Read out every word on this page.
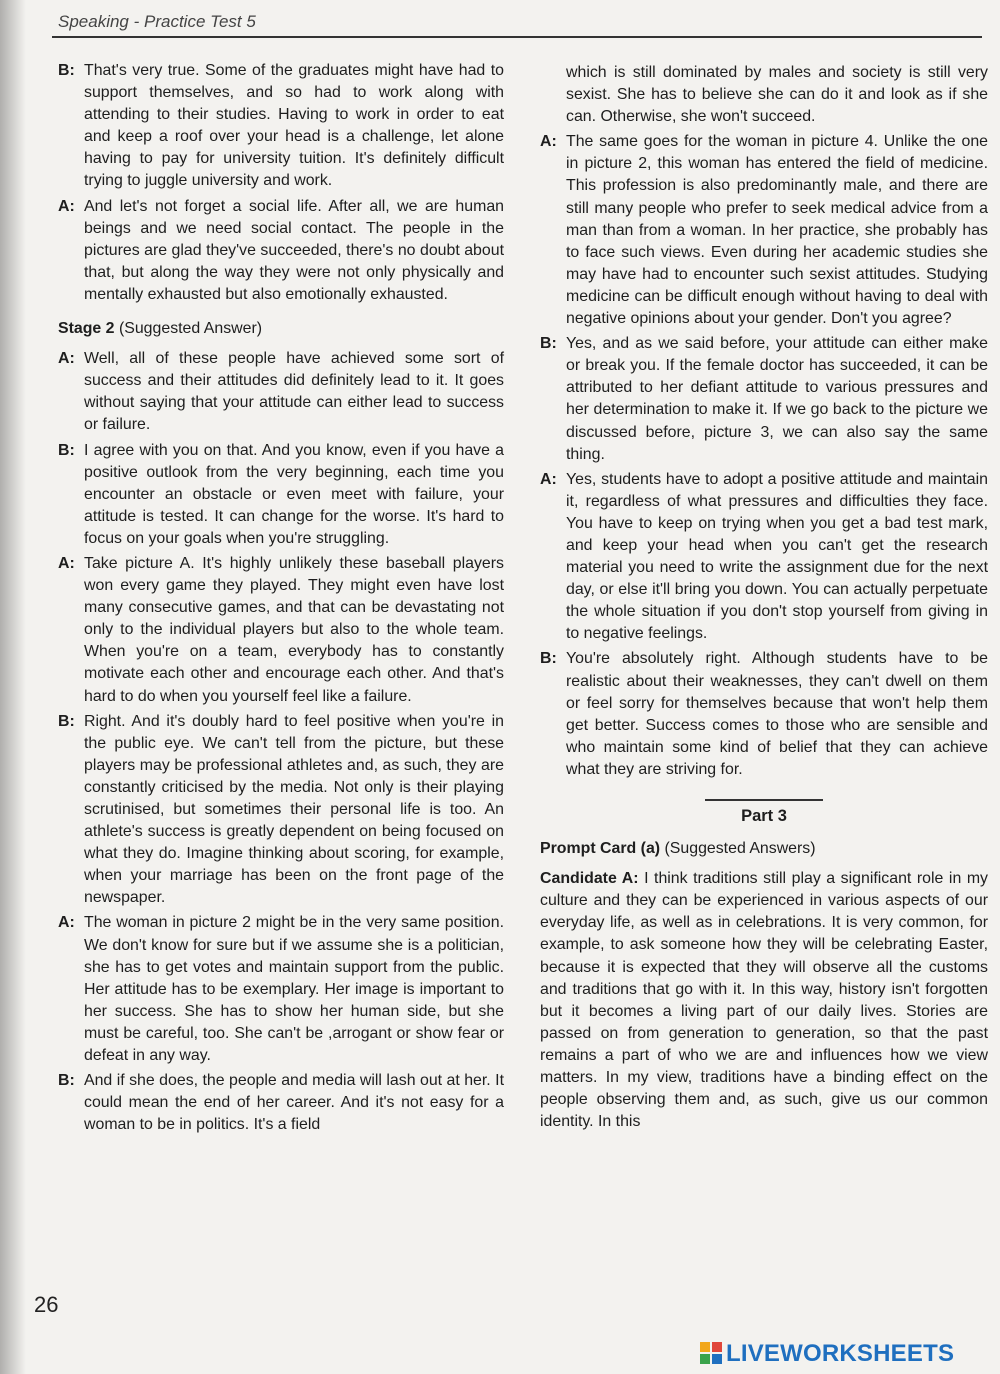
Speaking - Practice Test 5

B: That's very true. Some of the graduates might have had to support themselves, and so had to work along with attending to their studies. Having to work in order to eat and keep a roof over your head is a challenge, let alone having to pay for university tuition. It's definitely difficult trying to juggle university and work.

A: And let's not forget a social life. After all, we are human beings and we need social contact. The people in the pictures are glad they've succeeded, there's no doubt about that, but along the way they were not only physically and mentally exhausted but also emotionally exhausted.

Stage 2 (Suggested Answer)

A: Well, all of these people have achieved some sort of success and their attitudes did definitely lead to it. It goes without saying that your attitude can either lead to success or failure.

B: I agree with you on that. And you know, even if you have a positive outlook from the very beginning, each time you encounter an obstacle or even meet with failure, your attitude is tested. It can change for the worse. It's hard to focus on your goals when you're struggling.

A: Take picture A. It's highly unlikely these baseball players won every game they played. They might even have lost many consecutive games, and that can be devastating not only to the individual players but also to the whole team. When you're on a team, everybody has to constantly motivate each other and encourage each other. And that's hard to do when you yourself feel like a failure.

B: Right. And it's doubly hard to feel positive when you're in the public eye. We can't tell from the picture, but these players may be professional athletes and, as such, they are constantly criticised by the media. Not only is their playing scrutinised, but sometimes their personal life is too. An athlete's success is greatly dependent on being focused on what they do. Imagine thinking about scoring, for example, when your marriage has been on the front page of the newspaper.

A: The woman in picture 2 might be in the very same position. We don't know for sure but if we assume she is a politician, she has to get votes and maintain support from the public. Her attitude has to be exemplary. Her image is important to her success. She has to show her human side, but she must be careful, too. She can't be ,arrogant or show fear or defeat in any way.

B: And if she does, the people and media will lash out at her. It could mean the end of her career. And it's not easy for a woman to be in politics. It's a field

which is still dominated by males and society is still very sexist. She has to believe she can do it and look as if she can. Otherwise, she won't succeed.

A: The same goes for the woman in picture 4. Unlike the one in picture 2, this woman has entered the field of medicine. This profession is also predominantly male, and there are still many people who prefer to seek medical advice from a man than from a woman. In her practice, she probably has to face such views. Even during her academic studies she may have had to encounter such sexist attitudes. Studying medicine can be difficult enough without having to deal with negative opinions about your gender. Don't you agree?

B: Yes, and as we said before, your attitude can either make or break you. If the female doctor has succeeded, it can be attributed to her defiant attitude to various pressures and her determination to make it. If we go back to the picture we discussed before, picture 3, we can also say the same thing.

A: Yes, students have to adopt a positive attitude and maintain it, regardless of what pressures and difficulties they face. You have to keep on trying when you get a bad test mark, and keep your head when you can't get the research material you need to write the assignment due for the next day, or else it'll bring you down. You can actually perpetuate the whole situation if you don't stop yourself from giving in to negative feelings.

B: You're absolutely right. Although students have to be realistic about their weaknesses, they can't dwell on them or feel sorry for themselves because that won't help them get better. Success comes to those who are sensible and who maintain some kind of belief that they can achieve what they are striving for.

Part 3
Prompt Card (a) (Suggested Answers)

Candidate A: I think traditions still play a significant role in my culture and they can be experienced in various aspects of our everyday life, as well as in celebrations. It is very common, for example, to ask someone how they will be celebrating Easter, because it is expected that they will observe all the customs and traditions that go with it. In this way, history isn't forgotten but it becomes a living part of our daily lives. Stories are passed on from generation to generation, so that the past remains a part of who we are and influences how we view matters. In my view, traditions have a binding effect on the people observing them and, as such, give us our common identity. In this

26
LIVEWORKSHEETS
